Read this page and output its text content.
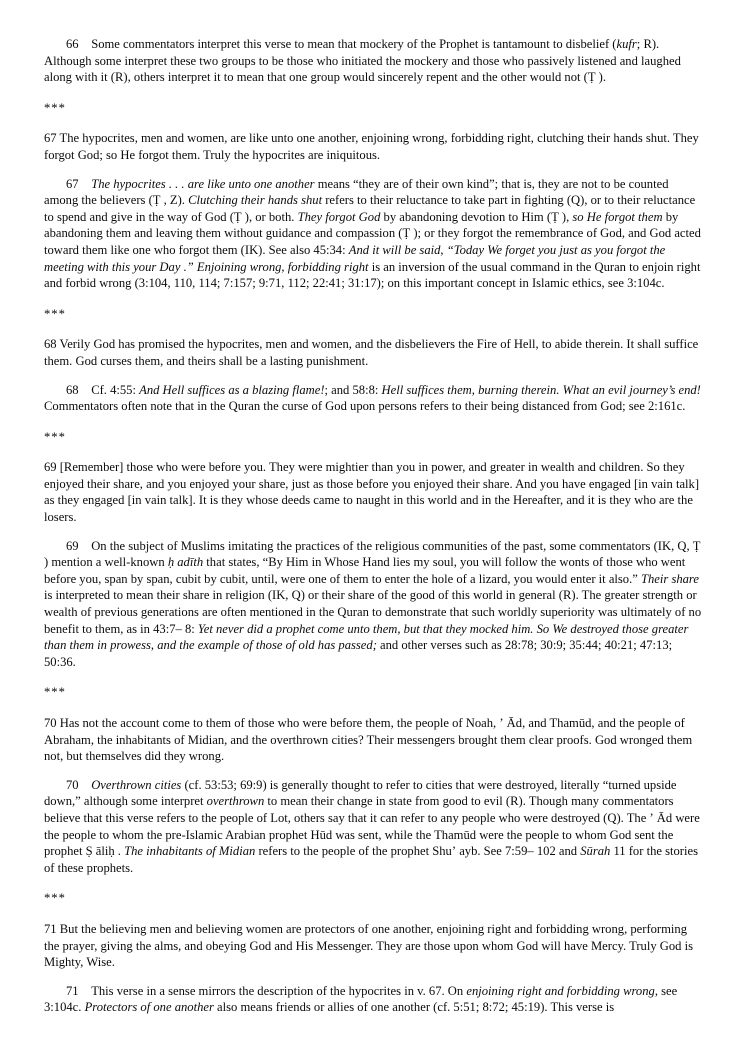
66 Some commentators interpret this verse to mean that mockery of the Prophet is tantamount to disbelief (kufr; R). Although some interpret these two groups to be those who initiated the mockery and those who passively listened and laughed along with it (R), others interpret it to mean that one group would sincerely repent and the other would not (Ṭ ).

***

67 The hypocrites, men and women, are like unto one another, enjoining wrong, forbidding right, clutching their hands shut. They forgot God; so He forgot them. Truly the hypocrites are iniquitous.

67  The hypocrites . . . are like unto one another means “they are of their own kind”; that is, they are not to be counted among the believers (Ṭ , Z). Clutching their hands shut refers to their reluctance to take part in fighting (Q), or to their reluctance to spend and give in the way of God (Ṭ ), or both. They forgot God by abandoning devotion to Him (Ṭ ), so He forgot them by abandoning them and leaving them without guidance and compassion (Ṭ ); or they forgot the remembrance of God, and God acted toward them like one who forgot them (IK). See also 45:34: And it will be said, “Today We forget you just as you forgot the meeting with this your Day .” Enjoining wrong, forbidding right is an inversion of the usual command in the Quran to enjoin right and forbid wrong (3:104, 110, 114; 7:157; 9:71, 112; 22:41; 31:17); on this important concept in Islamic ethics, see 3:104c.

***

68 Verily God has promised the hypocrites, men and women, and the disbelievers the Fire of Hell, to abide therein. It shall suffice them. God curses them, and theirs shall be a lasting punishment.

68 Cf. 4:55: And Hell suffices as a blazing flame!; and 58:8: Hell suffices them, burning therein. What an evil journey’s end! Commentators often note that in the Quran the curse of God upon persons refers to their being distanced from God; see 2:161c.

***

69 [Remember] those who were before you. They were mightier than you in power, and greater in wealth and children. So they enjoyed their share, and you enjoyed your share, just as those before you enjoyed their share. And you have engaged [in vain talk] as they engaged [in vain talk]. It is they whose deeds came to naught in this world and in the Hereafter, and it is they who are the losers.

69 On the subject of Muslims imitating the practices of the religious communities of the past, some commentators (IK, Q, Ṭ ) mention a well-known ḥ adīth that states, “By Him in Whose Hand lies my soul, you will follow the wonts of those who went before you, span by span, cubit by cubit, until, were one of them to enter the hole of a lizard, you would enter it also.” Their share is interpreted to mean their share in religion (IK, Q) or their share of the good of this world in general (R). The greater strength or wealth of previous generations are often mentioned in the Quran to demonstrate that such worldly superiority was ultimately of no benefit to them, as in 43:7– 8: Yet never did a prophet come unto them, but that they mocked him. So We destroyed those greater than them in prowess, and the example of those of old has passed; and other verses such as 28:78; 30:9; 35:44; 40:21; 47:13; 50:36.

***

70 Has not the account come to them of those who were before them, the people of Noah, ʼ Ād, and Thamūd, and the people of Abraham, the inhabitants of Midian, and the overthrown cities? Their messengers brought them clear proofs. God wronged them not, but themselves did they wrong.

70  Overthrown cities (cf. 53:53; 69:9) is generally thought to refer to cities that were destroyed, literally “turned upside down,” although some interpret overthrown to mean their change in state from good to evil (R). Though many commentators believe that this verse refers to the people of Lot, others say that it can refer to any people who were destroyed (Q). The ʼ Ād were the people to whom the pre-Islamic Arabian prophet Hūd was sent, while the Thamūd were the people to whom God sent the prophet Ṣ āliḥ . The inhabitants of Midian refers to the people of the prophet Shuʼ ayb. See 7:59– 102 and Sūrah 11 for the stories of these prophets.

***

71 But the believing men and believing women are protectors of one another, enjoining right and forbidding wrong, performing the prayer, giving the alms, and obeying God and His Messenger. They are those upon whom God will have Mercy. Truly God is Mighty, Wise.

71 This verse in a sense mirrors the description of the hypocrites in v. 67. On enjoining right and forbidding wrong, see 3:104c. Protectors of one another also means friends or allies of one another (cf. 5:51; 8:72; 45:19). This verse is
